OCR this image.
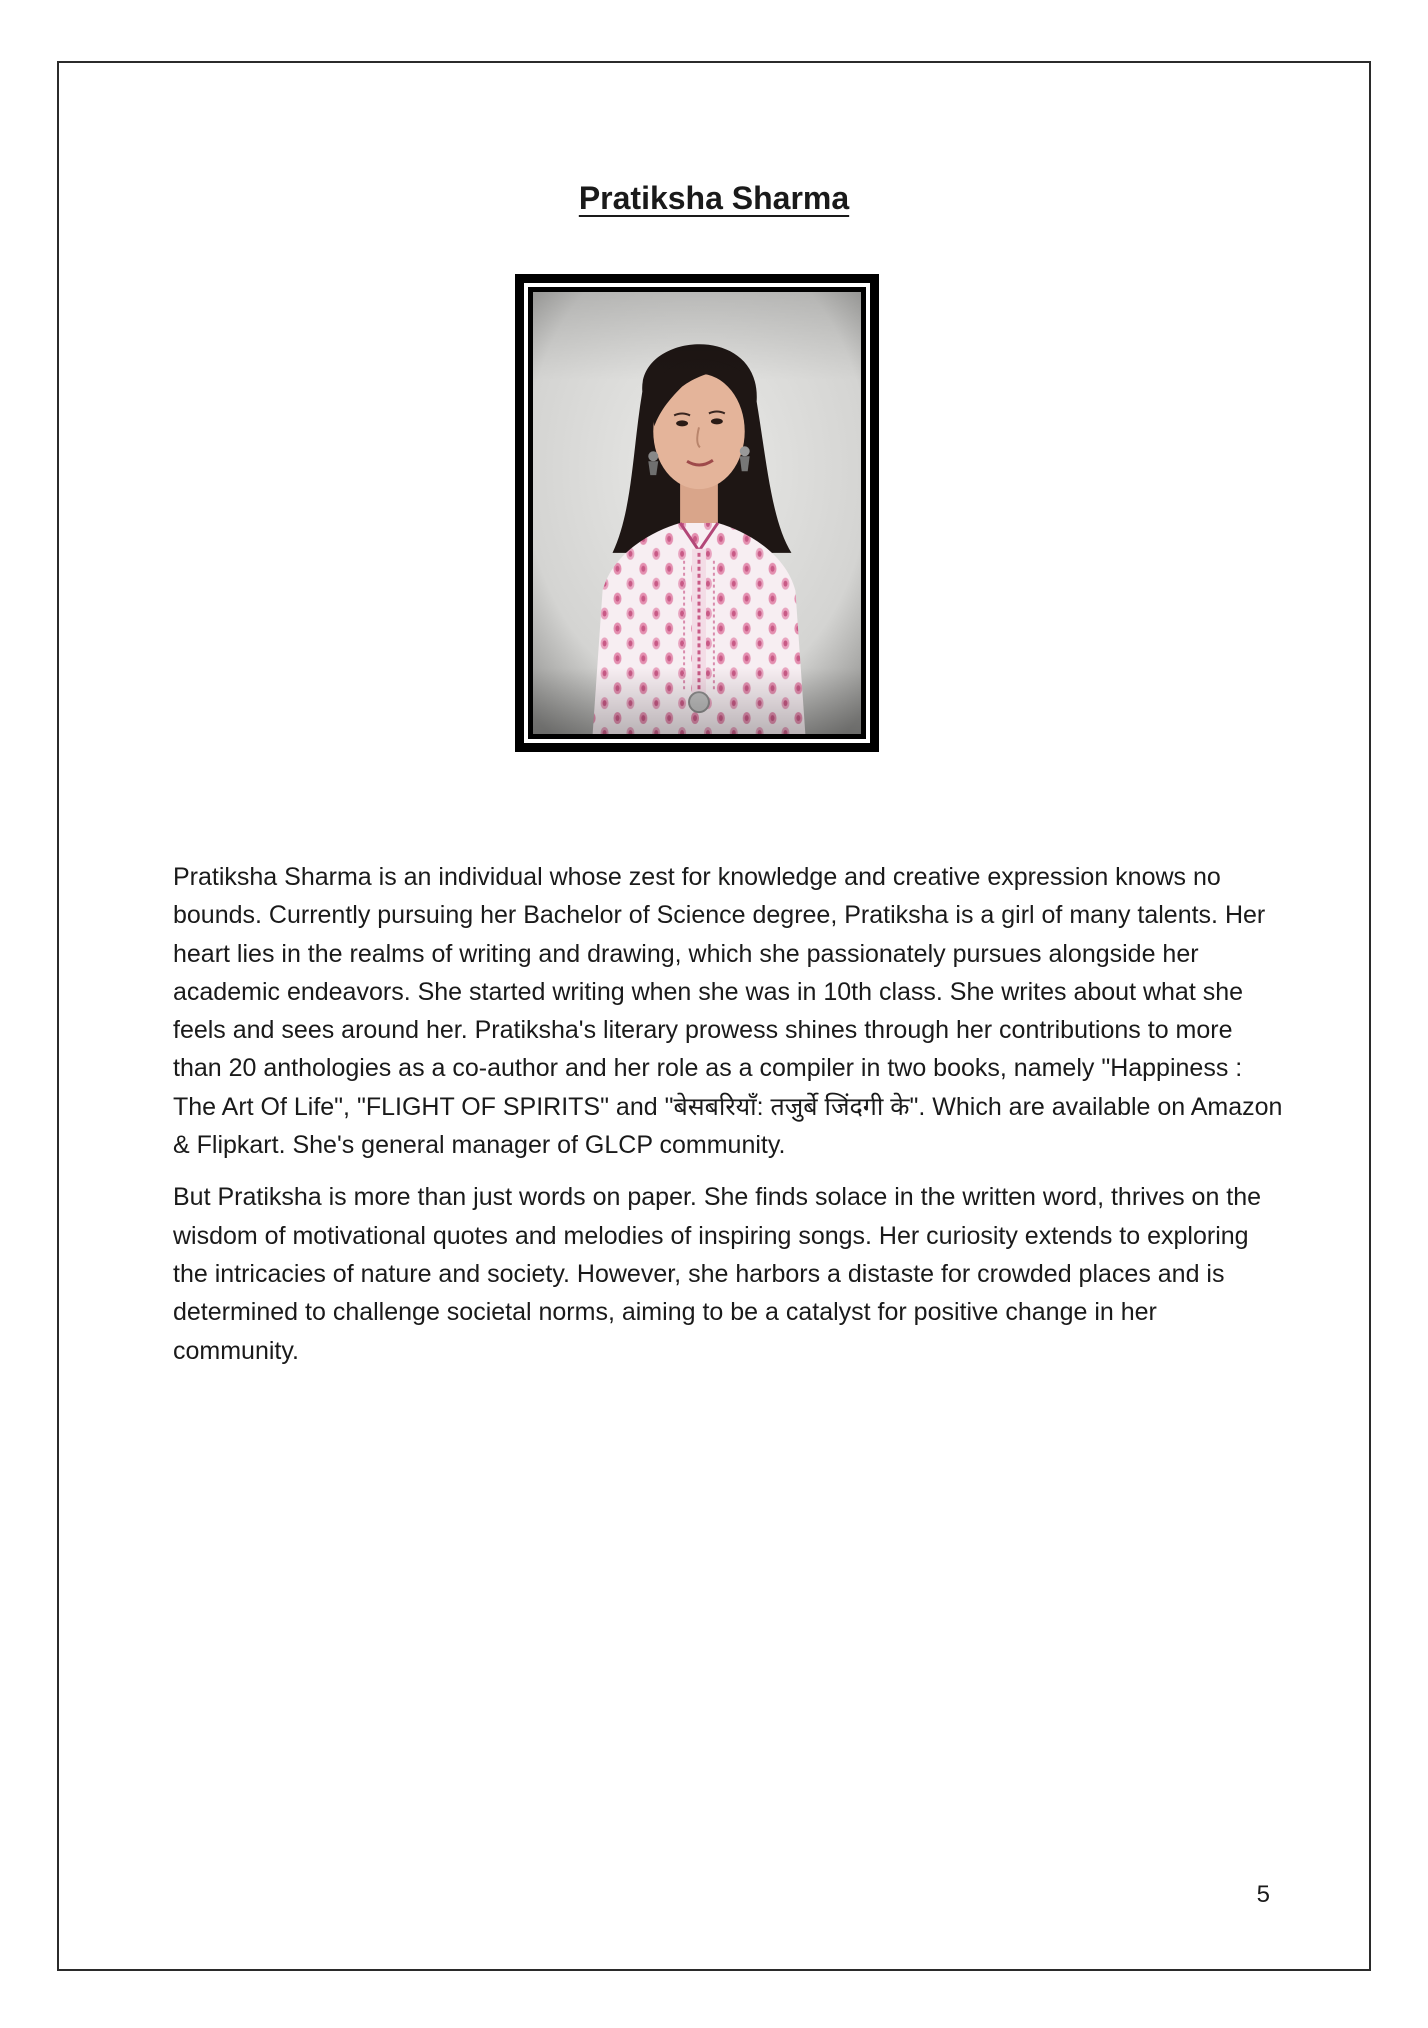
Pratiksha Sharma

Pratiksha Sharma is an individual whose zest for knowledge and creative expression knows no bounds. Currently pursuing her Bachelor of Science degree, Pratiksha is a girl of many talents. Her heart lies in the realms of writing and drawing, which she passionately pursues alongside her academic endeavors. She started writing when she was in 10th class. She writes about what she feels and sees around her. Pratiksha's literary prowess shines through her contributions to more than 20 anthologies as a co-author and her role as a compiler in two books, namely "Happiness : The Art Of Life", "FLIGHT OF SPIRITS" and "बेसबरियाँ: तजुर्बे जिंदगी के". Which are available on Amazon & Flipkart. She's general manager of GLCP community.

But Pratiksha is more than just words on paper. She finds solace in the written word, thrives on the wisdom of motivational quotes and melodies of inspiring songs. Her curiosity extends to exploring the intricacies of nature and society. However, she harbors a distaste for crowded places and is determined to challenge societal norms, aiming to be a catalyst for positive change in her community.

5
